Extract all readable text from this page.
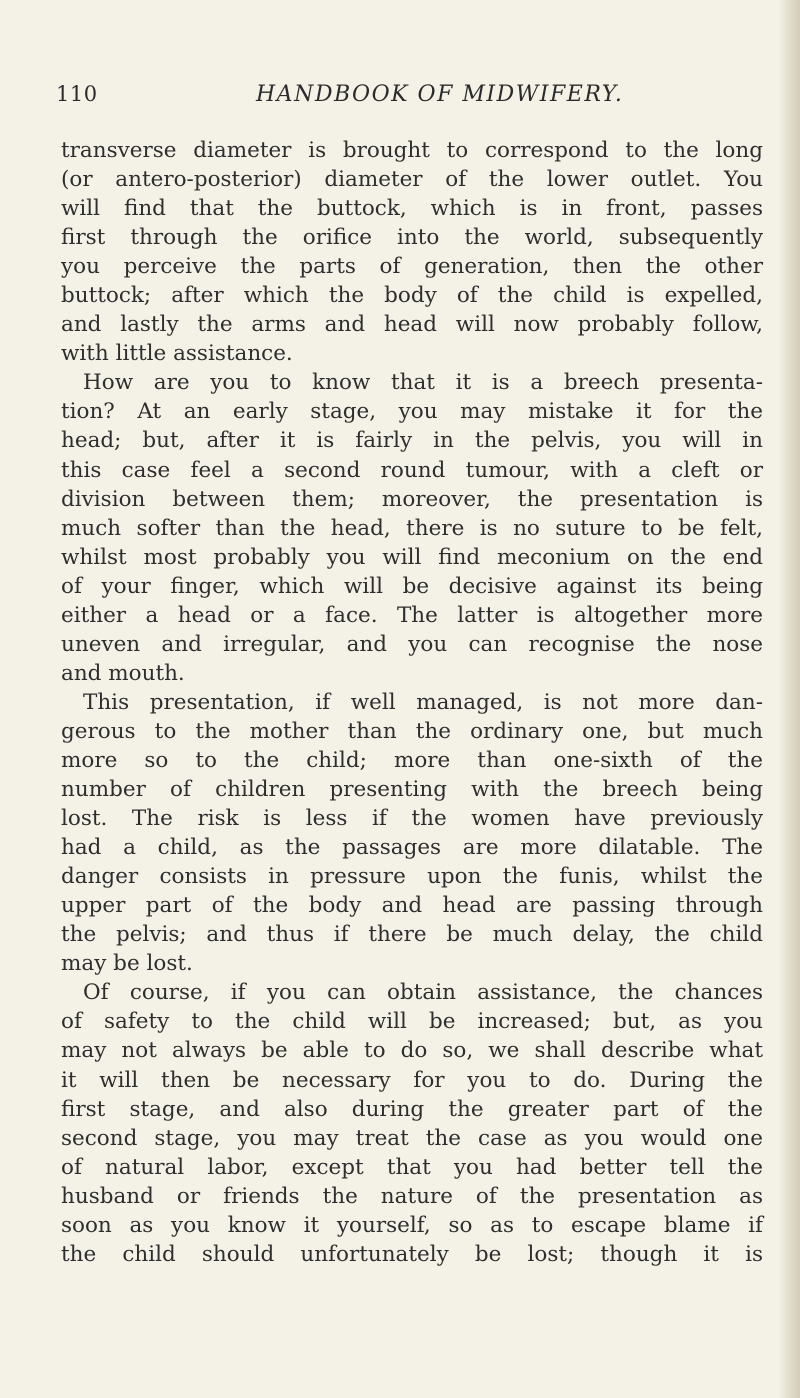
110	HANDBOOK OF MIDWIFERY.
transverse diameter is brought to correspond to the long
(or antero-posterior) diameter of the lower outlet. You
will find that the buttock, which is in front, passes
first through the orifice into the world, subsequently
you perceive the parts of generation, then the other
buttock; after which the body of the child is expelled,
and lastly the arms and head will now probably follow,
with little assistance.
How are you to know that it is a breech presenta-
tion? At an early stage, you may mistake it for the
head; but, after it is fairly in the pelvis, you will in
this case feel a second round tumour, with a cleft or
division between them; moreover, the presentation is
much softer than the head, there is no suture to be felt,
whilst most probably you will find meconium on the end
of your finger, which will be decisive against its being
either a head or a face. The latter is altogether more
uneven and irregular, and you can recognise the nose
and mouth.
This presentation, if well managed, is not more dan-
gerous to the mother than the ordinary one, but much
more so to the child; more than one-sixth of the
number of children presenting with the breech being
lost. The risk is less if the women have previously
had a child, as the passages are more dilatable. The
danger consists in pressure upon the funis, whilst the
upper part of the body and head are passing through
the pelvis; and thus if there be much delay, the child
may be lost.
Of course, if you can obtain assistance, the chances
of safety to the child will be increased; but, as you
may not always be able to do so, we shall describe what
it will then be necessary for you to do. During the
first stage, and also during the greater part of the
second stage, you may treat the case as you would one
of natural labor, except that you had better tell the
husband or friends the nature of the presentation as
soon as you know it yourself, so as to escape blame if
the child should unfortunately be lost; though it is
